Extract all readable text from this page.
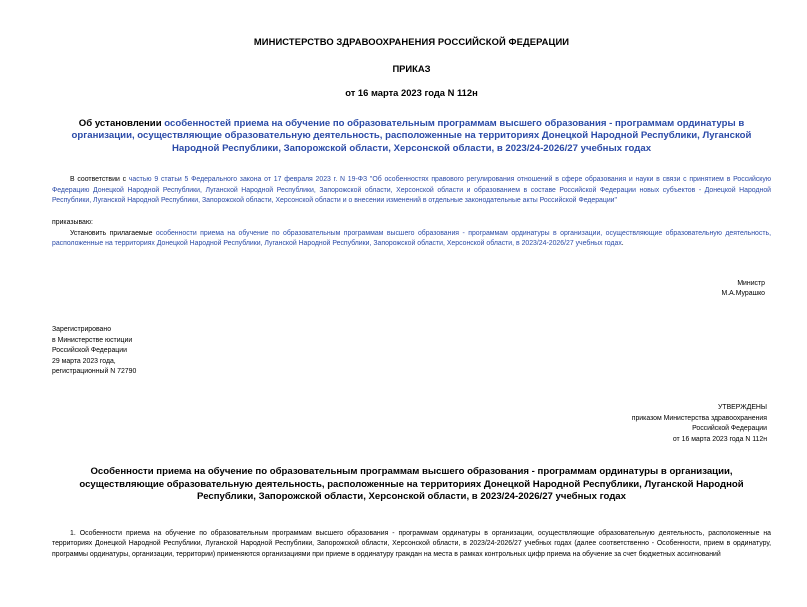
МИНИСТЕРСТВО ЗДРАВООХРАНЕНИЯ РОССИЙСКОЙ ФЕДЕРАЦИИ
ПРИКАЗ
от 16 марта 2023 года N 112н
Об установлении особенностей приема на обучение по образовательным программам высшего образования - программам ординатуры в организации, осуществляющие образовательную деятельность, расположенные на территориях Донецкой Народной Республики, Луганской Народной Республики, Запорожской области, Херсонской области, в 2023/24-2026/27 учебных годах

В соответствии с частью 9 статьи 5 Федерального закона от 17 февраля 2023 г. N 19-ФЗ "Об особенностях правового регулирования отношений в сфере образования и науки в связи с принятием в Российскую Федерацию Донецкой Народной Республики, Луганской Народной Республики, Запорожской области, Херсонской области и образованием в составе Российской Федерации новых субъектов - Донецкой Народной Республики, Луганской Народной Республики, Запорожской области, Херсонской области и о внесении изменений в отдельные законодательные акты Российской Федерации"

приказываю:

Установить прилагаемые особенности приема на обучение по образовательным программам высшего образования - программам ординатуры в организации, осуществляющие образовательную деятельность, расположенные на территориях Донецкой Народной Республики, Луганской Народной Республики, Запорожской области, Херсонской области, в 2023/24-2026/27 учебных годах.

Министр
М.А.Мурашко
Зарегистрировано
в Министерстве юстиции
Российской Федерации
29 марта 2023 года,
регистрационный N 72790
УТВЕРЖДЕНЫ
приказом Министерства здравоохранения
Российской Федерации
от 16 марта 2023 года N 112н
Особенности приема на обучение по образовательным программам высшего образования - программам ординатуры в организации, осуществляющие образовательную деятельность, расположенные на территориях Донецкой Народной Республики, Луганской Народной Республики, Запорожской области, Херсонской области, в 2023/24-2026/27 учебных годах

1. Особенности приема на обучение по образовательным программам высшего образования - программам ординатуры в организации, осуществляющие образовательную деятельность, расположенные на территориях Донецкой Народной Республики, Луганской Народной Республики, Запорожской области, Херсонской области, в 2023/24-2026/27 учебных годах (далее соответственно - Особенности, прием в ординатуру, программы ординатуры, организации, территории) применяются организациями при приеме в ординатуру граждан на места в рамках контрольных цифр приема на обучение за счет бюджетных ассигнований
